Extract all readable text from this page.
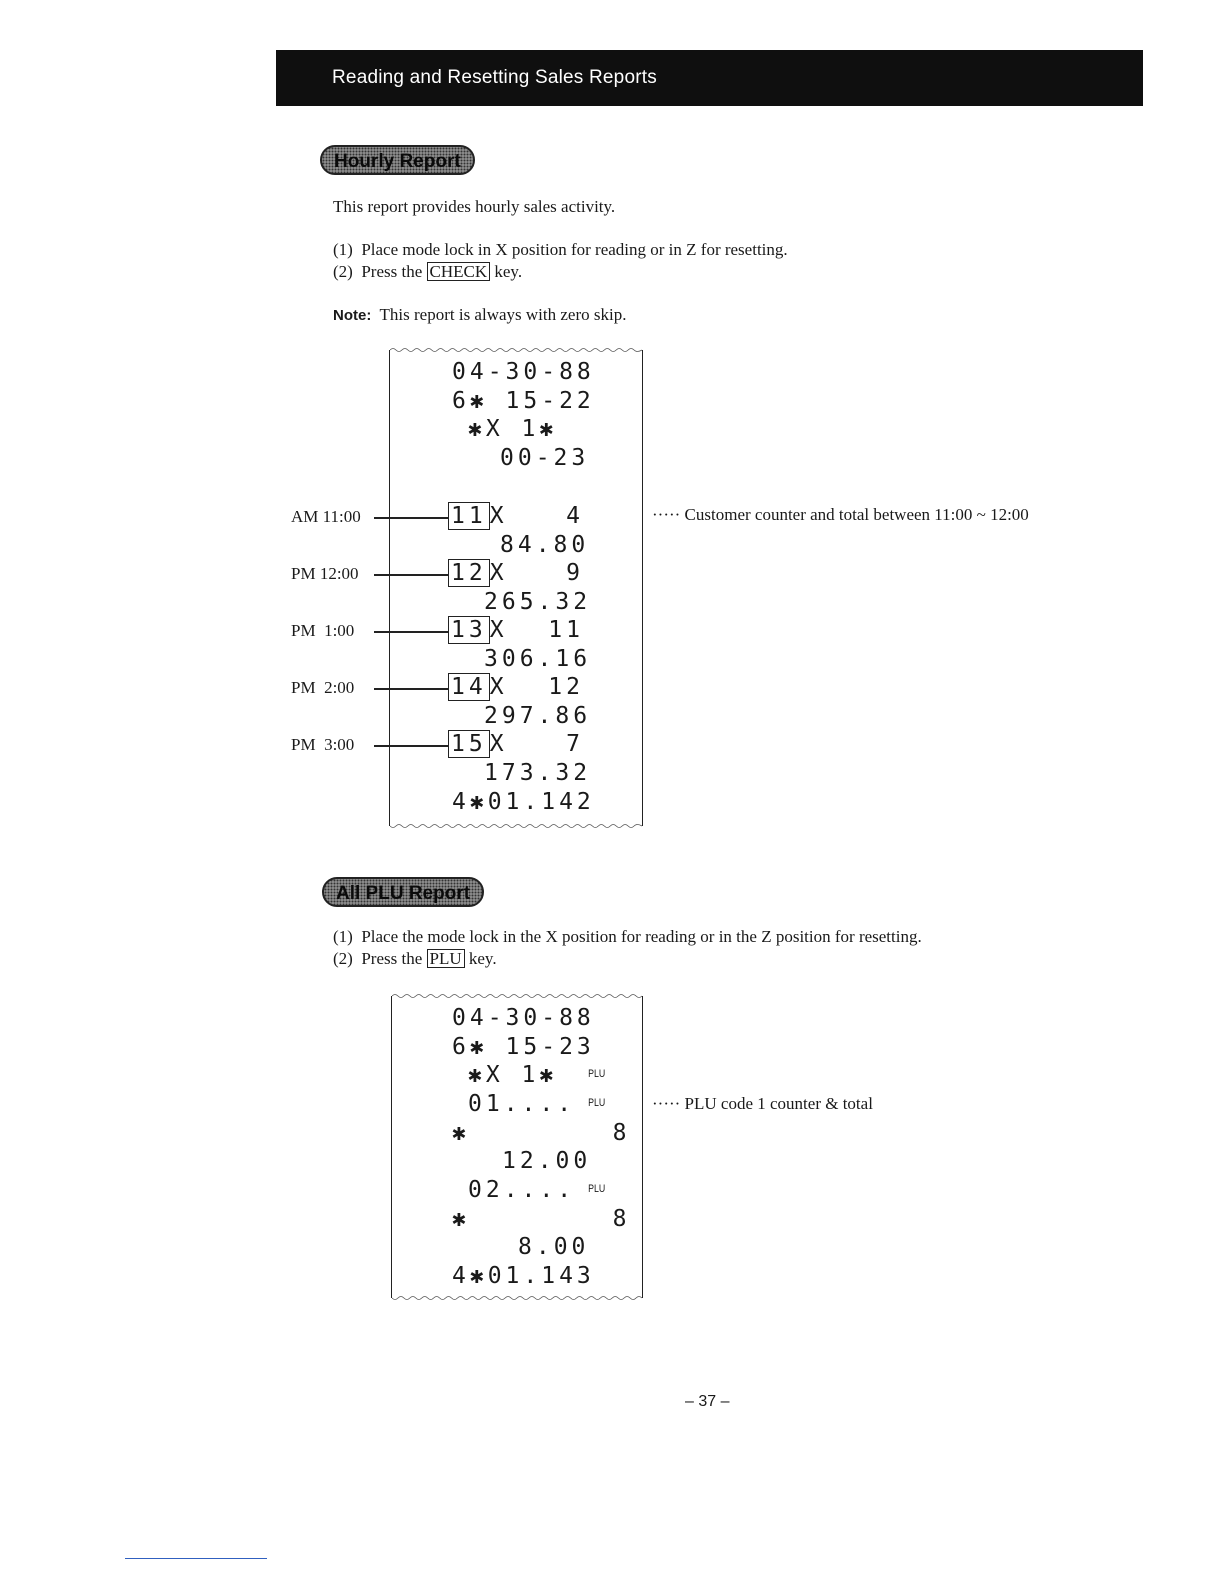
Reading and Resetting Sales Reports
Hourly Report
This report provides hourly sales activity.
(1) Place mode lock in X position for reading or in Z for resetting.
(2) Press the CHECK key.
Note: This report is always with zero skip.
04-30-88
6✱ 15-22
✱X 1✱
00-23
11 X	4
84.80
12 X	9
265.32
13 X	11
306.16
14 X	12
297.86
15 X	7
173.32
4✱01.142
AM 11:00
PM 12:00
PM  1:00
PM  2:00
PM  3:00
····· Customer counter and total between 11:00 ~ 12:00
All PLU Report
(1) Place the mode lock in the X position for reading or in the Z position for resetting.
(2) Press the PLU key.
04-30-88
6✱ 15-23
✱X 1✱	PLU
01.... PLU
✱        8
12.00
02.... PLU
✱        8
8.00
4✱01.143
····· PLU code 1 counter & total
– 37 –
